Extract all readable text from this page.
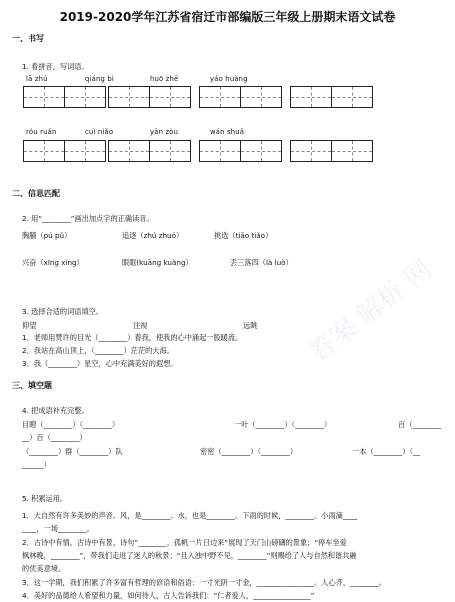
2019-2020学年江苏省宿迁市部编版三年级上册期末语文试卷
答案 解析 网
一、书写
1. 看拼音，写词语。
lā zhú	qiáng bì	huō zhē	yáo huàng
róu ruǎn	cuì niǎo	yǎn zòu	wán shuǎ
二、信息匹配
2. 用“________”画出加点字的正确读音。
胸脯（pú pǔ）	追逐（zhú zhuó）	挑选（tiāo tiǎo）
兴奋（xīng xìng）	眼眶(kuāng kuàng）	丢三落四（là luò）
3. 选择合适的词语填空。
仰望	注视	远眺
1．老师用赞许的目光（________）着我，使我的心中涌起一股暖流。
2．我站在高山顶上，（________）茫茫的大海。
3．我（________）星空，心中充满美好的遐想。
三、填空题
4. 把成语补充完整。
目瞪（________）（________）	一叶（________）（________）	百（________
__）百（________）
（________）群（________）队	密密（________）（________）	一本（________）（__
______）
5. 积累运用。
1．大自然有许多美妙的声音。风，是________。水，也是________。下雨的时候，________。小雨滴____
____，一场________。
2．古诗中有情，古诗中有景，诗句“________，孤帆一片日边来”展现了天门山磅礴的景象；“停车坐爱
枫林晚，________”，带我们走进了迷人的秋景；“且入浊中野不见，________”则赐给了人与自然和谐共融
的优美意境。
3．这一学期，我们积累了许多富有哲理的谚语和俗语：一寸光阴一寸金，________________。人心齐，________。
4．美好的品德给人希望和力量，如何待人，古人告诉我们：“仁者爱人，________________”
